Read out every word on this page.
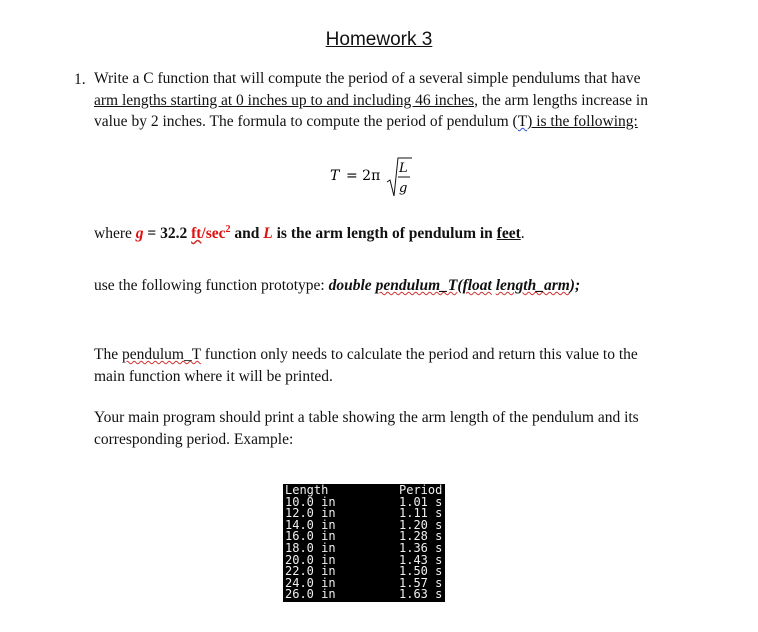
Homework 3
1. Write a C function that will compute the period of a several simple pendulums that have
arm lengths starting at 0 inches up to and including 46 inches, the arm lengths increase in
value by 2 inches. The formula to compute the period of pendulum (T) is the following:
T = 2π L
g
where g = 32.2 $ft/\sec^2$ and L is the arm length of pendulum in feet.
use the following function prototype: double pendulum_T(float length_arm);
The pendulum_T function only needs to calculate the period and return this value to the
main function where it will be printed.
Your main program should print a table showing the arm length of the pendulum and its
corresponding period. Example:
Length
10.0 in
12.0 in
14.0 in
16.0 in
18.0 in
20.0 in
22.0 in
24.0 in
26.0 in
Period
1.01 s
1.11 s
1.20 s
1.28 s
1.36 s
1.43 s
1.50 s
1.57 s
1.63 s
